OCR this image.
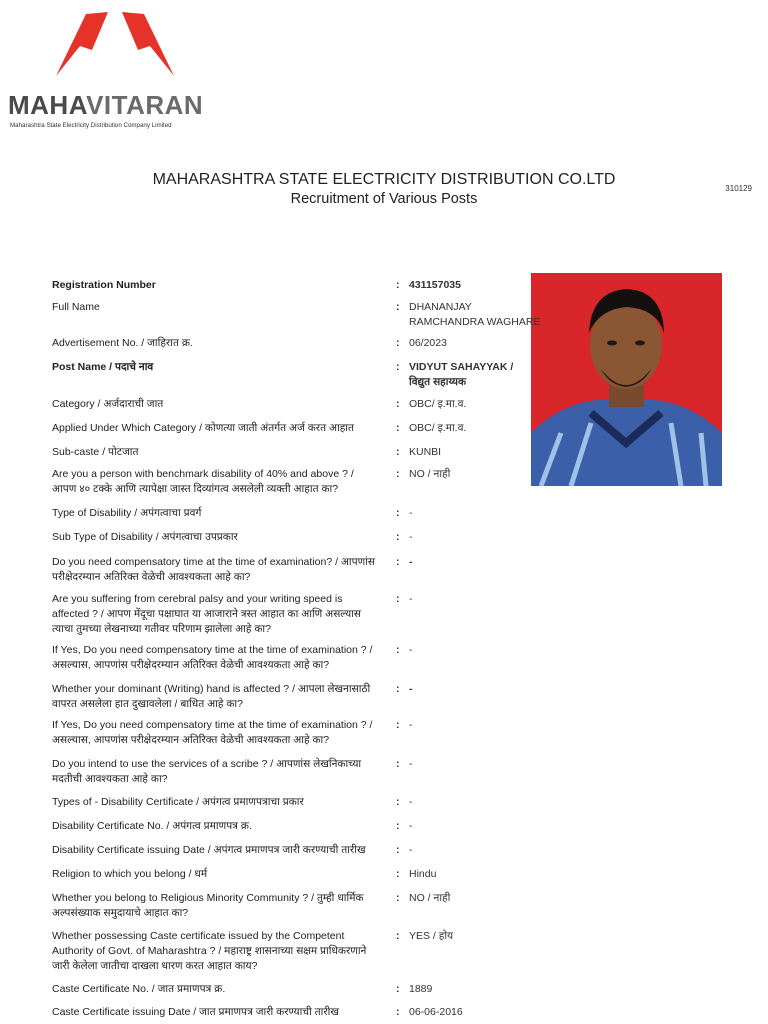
MAHAVITARAN
Maharashtra State Electricity Distribution Company Limited
MAHARASHTRA STATE ELECTRICITY DISTRIBUTION CO.LTD
Recruitment of Various Posts
310129
Registration Number	: 431157035
Full Name	: DHANANJAY
RAMCHANDRA WAGHARE
Advertisement No. / जाहिरात क्र.	: 06/2023
Post Name / पदाचे नाव	: VIDYUT SAHAYYAK /
विद्युत सहाय्यक
Category / अर्जदाराची जात	: OBC/ इ.मा.व.
Applied Under Which Category / कोणत्या जाती अंतर्गत अर्ज करत आहात	: OBC/ इ.मा.व.
Sub-caste / पोटजात	: KUNBI
Are you a person with benchmark disability of 40% and above ? /
आपण ४० टक्के आणि त्यापेक्षा जास्त दिव्यांगत्व असलेली व्यक्ती आहात का?
: NO / नाही
Type of Disability / अपंगत्वाचा प्रवर्ग	: -
Sub Type of Disability / अपंगत्वाचा उपप्रकार	: -
Do you need compensatory time at the time of examination? / आपणांस
परीक्षेदरम्यान अतिरिक्त वेळेची आवश्यकता आहे का?
: -
Are you suffering from cerebral palsy and your writing speed is
affected ? / आपण मेंदूचा पक्षाघात या आजाराने त्रस्त आहात का आणि असल्यास
त्याचा तुमच्या लेखनाच्या गतीवर परिणाम झालेला आहे का?
: -
If Yes, Do you need compensatory time at the time of examination ? /
असल्यास, आपणांस परीक्षेदरम्यान अतिरिक्त वेळेची आवश्यकता आहे का?
: -
Whether your dominant (Writing) hand is affected ? / आपला लेखनासाठी
वापरत असलेला हात दुखावलेला / बाधित आहे का?
: -
If Yes, Do you need compensatory time at the time of examination ? /
असल्यास, आपणांस परीक्षेदरम्यान अतिरिक्त वेळेची आवश्यकता आहे का?
: -
Do you intend to use the services of a scribe ? / आपणांस लेखनिकाच्या
मदतीची आवश्यकता आहे का?
: -
Types of - Disability Certificate / अपंगत्व प्रमाणपत्राचा प्रकार	: -
Disability Certificate No. / अपंगत्व प्रमाणपत्र क्र.	: -
Disability Certificate issuing Date / अपंगत्व प्रमाणपत्र जारी करण्याची तारीख	: -
Religion to which you belong / धर्म	: Hindu
Whether you belong to Religious Minority Community ? / तुम्ही धार्मिक
अल्पसंख्याक समुदायाचे आहात का?
: NO / नाही
Whether possessing Caste certificate issued by the Competent
Authority of Govt. of Maharashtra ? / महाराष्ट्र शासनाच्या सक्षम प्राधिकरणाने
जारी केलेला जातीचा दाखला धारण करत आहात काय?
: YES / होय
Caste Certificate No. / जात प्रमाणपत्र क्र.	: 1889
Caste Certificate issuing Date / जात प्रमाणपत्र जारी करण्याची तारीख	: 06-06-2016
